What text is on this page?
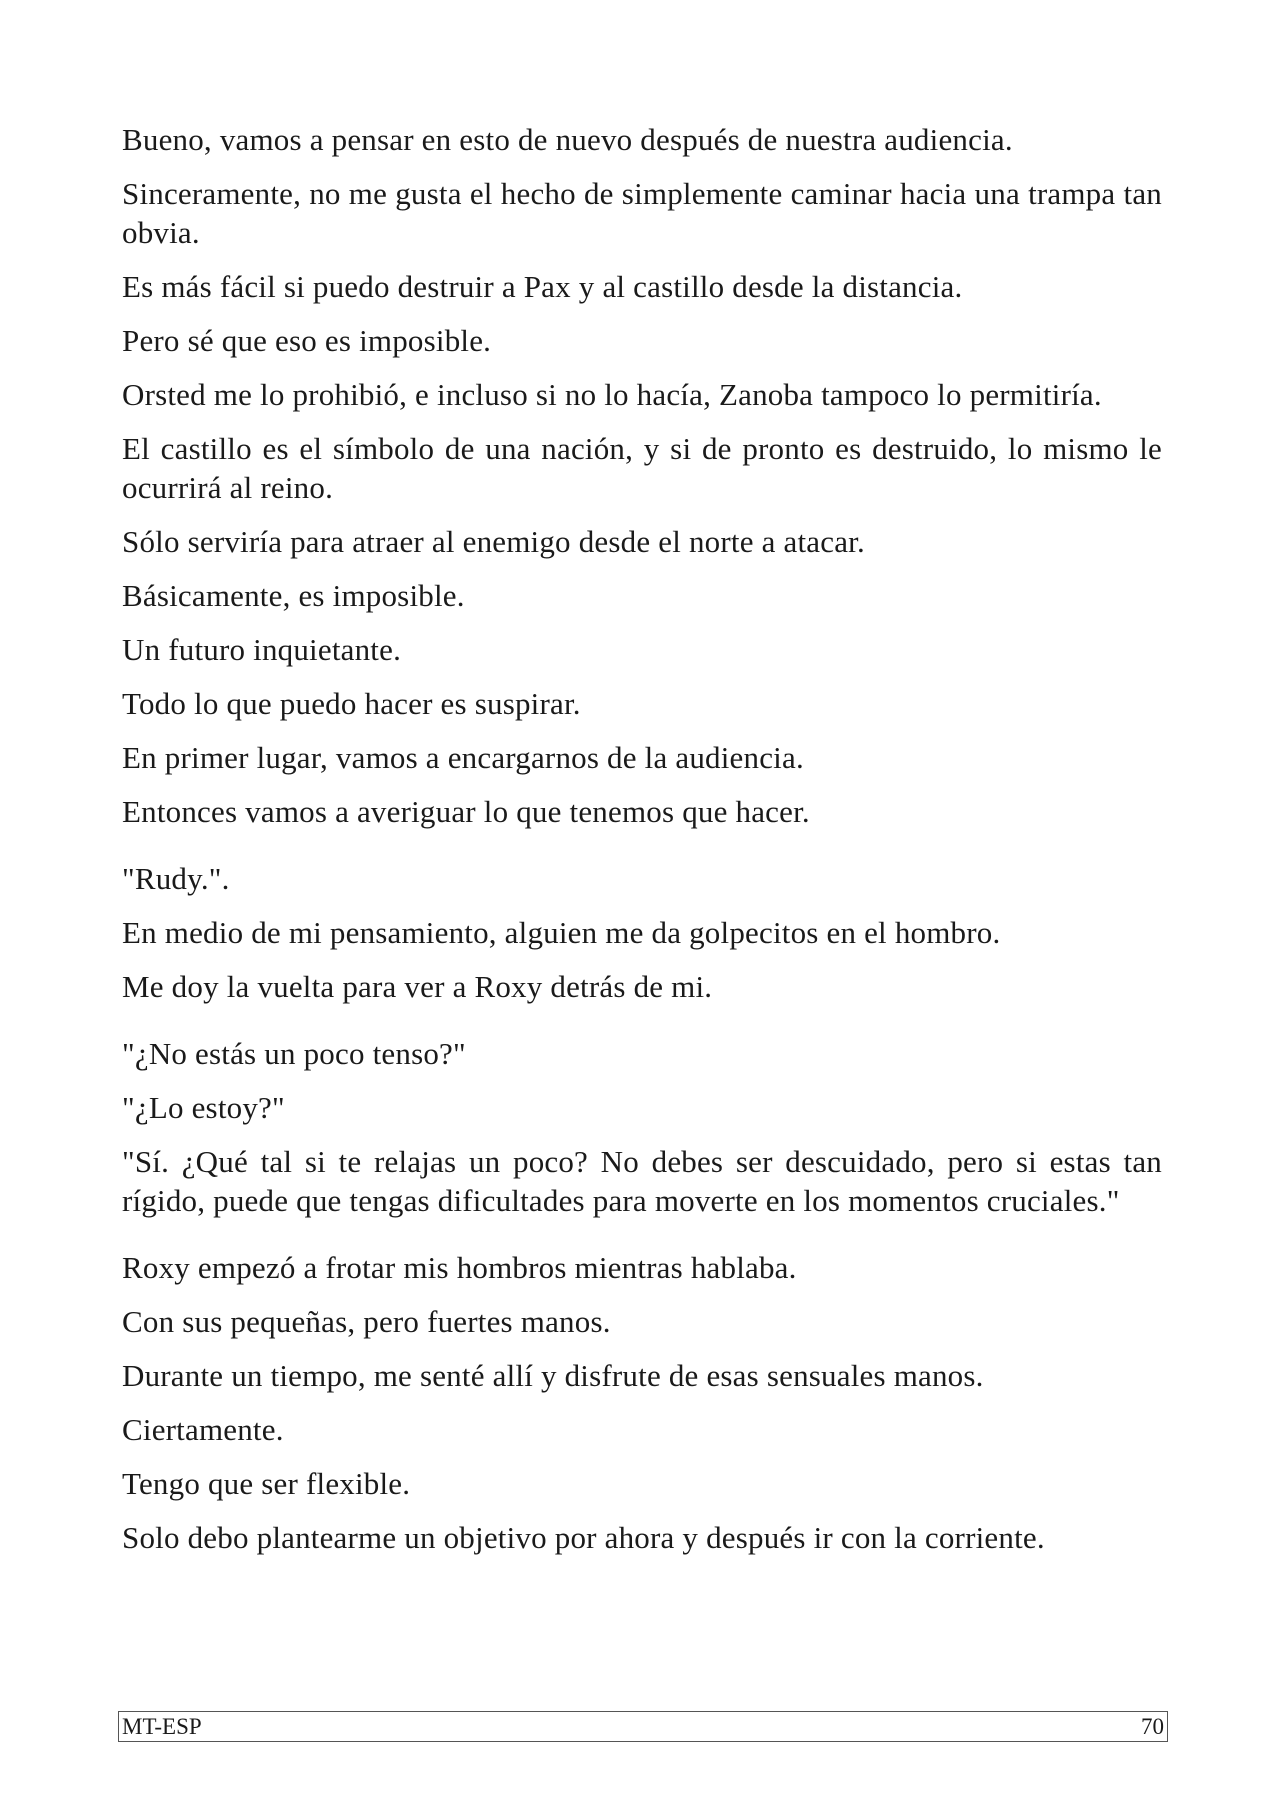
Bueno, vamos a pensar en esto de nuevo después de nuestra audiencia.

Sinceramente, no me gusta el hecho de simplemente caminar hacia una trampa tan obvia.

Es más fácil si puedo destruir a Pax y al castillo desde la distancia.

Pero sé que eso es imposible.

Orsted me lo prohibió, e incluso si no lo hacía, Zanoba tampoco lo permitiría.

El castillo es el símbolo de una nación, y si de pronto es destruido, lo mismo le ocurrirá al reino.

Sólo serviría para atraer al enemigo desde el norte a atacar.

Básicamente, es imposible.

Un futuro inquietante.

Todo lo que puedo hacer es suspirar.

En primer lugar, vamos a encargarnos de la audiencia.

Entonces vamos a averiguar lo que tenemos que hacer.

"Rudy.".

En medio de mi pensamiento, alguien me da golpecitos en el hombro.

Me doy la vuelta para ver a Roxy detrás de mi.

"¿No estás un poco tenso?"

"¿Lo estoy?"

"Sí. ¿Qué tal si te relajas un poco? No debes ser descuidado, pero si estas tan rígido, puede que tengas dificultades para moverte en los momentos cruciales."

Roxy empezó a frotar mis hombros mientras hablaba.

Con sus pequeñas, pero fuertes manos.

Durante un tiempo, me senté allí y disfrute de esas sensuales manos.

Ciertamente.

Tengo que ser flexible.

Solo debo plantearme un objetivo por ahora y después ir con la corriente.

MT-ESP	70
